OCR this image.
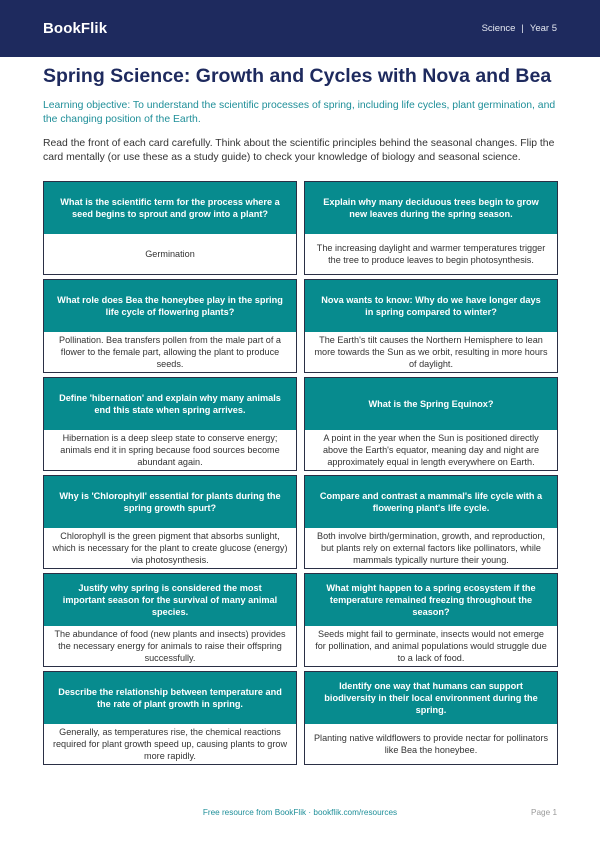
BookFlik	Science | Year 5
Spring Science: Growth and Cycles with Nova and Bea
Learning objective: To understand the scientific processes of spring, including life cycles, plant germination, and the changing position of the Earth.
Read the front of each card carefully. Think about the scientific principles behind the seasonal changes. Flip the card mentally (or use these as a study guide) to check your knowledge of biology and seasonal science.
What is the scientific term for the process where a seed begins to sprout and grow into a plant?
Germination
Explain why many deciduous trees begin to grow new leaves during the spring season.
The increasing daylight and warmer temperatures trigger the tree to produce leaves to begin photosynthesis.
What role does Bea the honeybee play in the spring life cycle of flowering plants?
Pollination. Bea transfers pollen from the male part of a flower to the female part, allowing the plant to produce seeds.
Nova wants to know: Why do we have longer days in spring compared to winter?
The Earth's tilt causes the Northern Hemisphere to lean more towards the Sun as we orbit, resulting in more hours of daylight.
Define 'hibernation' and explain why many animals end this state when spring arrives.
Hibernation is a deep sleep state to conserve energy; animals end it in spring because food sources become abundant again.
What is the Spring Equinox?
A point in the year when the Sun is positioned directly above the Earth's equator, meaning day and night are approximately equal in length everywhere on Earth.
Why is 'Chlorophyll' essential for plants during the spring growth spurt?
Chlorophyll is the green pigment that absorbs sunlight, which is necessary for the plant to create glucose (energy) via photosynthesis.
Compare and contrast a mammal's life cycle with a flowering plant's life cycle.
Both involve birth/germination, growth, and reproduction, but plants rely on external factors like pollinators, while mammals typically nurture their young.
Justify why spring is considered the most important season for the survival of many animal species.
The abundance of food (new plants and insects) provides the necessary energy for animals to raise their offspring successfully.
What might happen to a spring ecosystem if the temperature remained freezing throughout the season?
Seeds might fail to germinate, insects would not emerge for pollination, and animal populations would struggle due to a lack of food.
Describe the relationship between temperature and the rate of plant growth in spring.
Generally, as temperatures rise, the chemical reactions required for plant growth speed up, causing plants to grow more rapidly.
Identify one way that humans can support biodiversity in their local environment during the spring.
Planting native wildflowers to provide nectar for pollinators like Bea the honeybee.
Free resource from BookFlik · bookflik.com/resources	Page 1
